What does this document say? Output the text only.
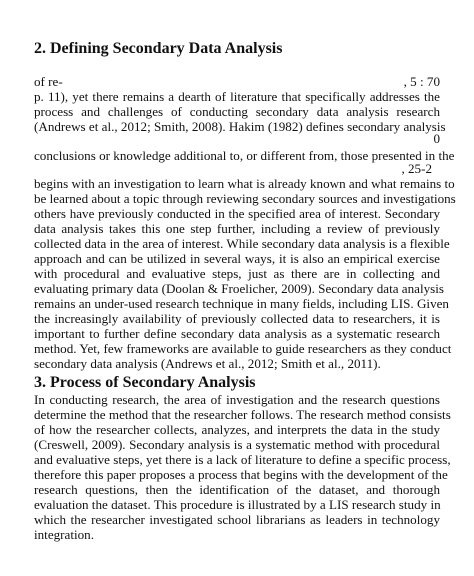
2. Defining Secondary Data Analysis
of re-	, 5 : 70
p. 11), yet there remains a dearth of literature that specifically addresses the
process and challenges of conducting secondary data analysis research
(Andrews et al., 2012; Smith, 2008). Hakim (1982) defines secondary analysis
0
conclusions or knowledge additional to, or different from, those presented in the
, 25-2
begins with an investigation to learn what is already known and what remains to
be learned about a topic through reviewing secondary sources and investigations
others have previously conducted in the specified area of interest. Secondary
data analysis takes this one step further, including a review of previously
collected data in the area of interest. While secondary data analysis is a flexible
approach and can be utilized in several ways, it is also an empirical exercise
with procedural and evaluative steps, just as there are in collecting and
evaluating primary data (Doolan & Froelicher, 2009). Secondary data analysis
remains an under-used research technique in many fields, including LIS. Given
the increasingly availability of previously collected data to researchers, it is
important to further define secondary data analysis as a systematic research
method. Yet, few frameworks are available to guide researchers as they conduct
secondary data analysis (Andrews et al., 2012; Smith et al., 2011).
3. Process of Secondary Analysis
In conducting research, the area of investigation and the research questions
determine the method that the researcher follows. The research method consists
of how the researcher collects, analyzes, and interprets the data in the study
(Creswell, 2009). Secondary analysis is a systematic method with procedural
and evaluative steps, yet there is a lack of literature to define a specific process,
therefore this paper proposes a process that begins with the development of the
research questions, then the identification of the dataset, and thorough
evaluation the dataset. This procedure is illustrated by a LIS research study in
which the researcher investigated school librarians as leaders in technology
integration.
